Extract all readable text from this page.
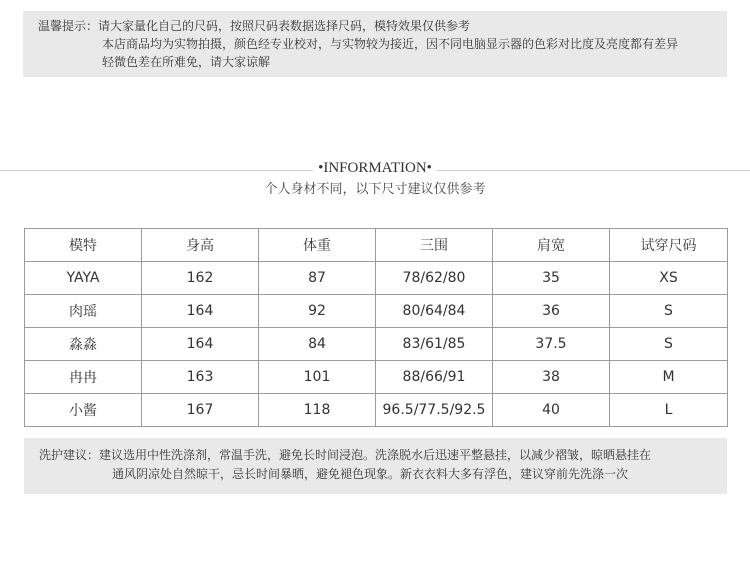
温馨提示：请大家量化自己的尺码，按照尺码表数据选择尺码，模特效果仅供参考
本店商品均为实物拍摄，颜色经专业校对，与实物较为接近，因不同电脑显示器的色彩对比度及亮度都有差异
轻微色差在所难免，请大家谅解
•INFORMATION•
个人身材不同，以下尺寸建议仅供参考
模特	身高	体重	三围	肩宽	试穿尺码
YAYA	162	87	78/62/80	35	XS
肉瑶	164	92	80/64/84	36	S
淼淼	164	84	83/61/85	37.5	S
冉冉	163	101	88/66/91	38	M
小酱	167	118	96.5/77.5/92.5	40	L
洗护建议：建议选用中性洗涤剂，常温手洗，避免长时间浸泡。洗涤脱水后迅速平整悬挂，以减少褶皱，晾晒悬挂在
通风阴凉处自然晾干，忌长时间暴晒，避免褪色现象。新衣衣料大多有浮色，建议穿前先洗涤一次
